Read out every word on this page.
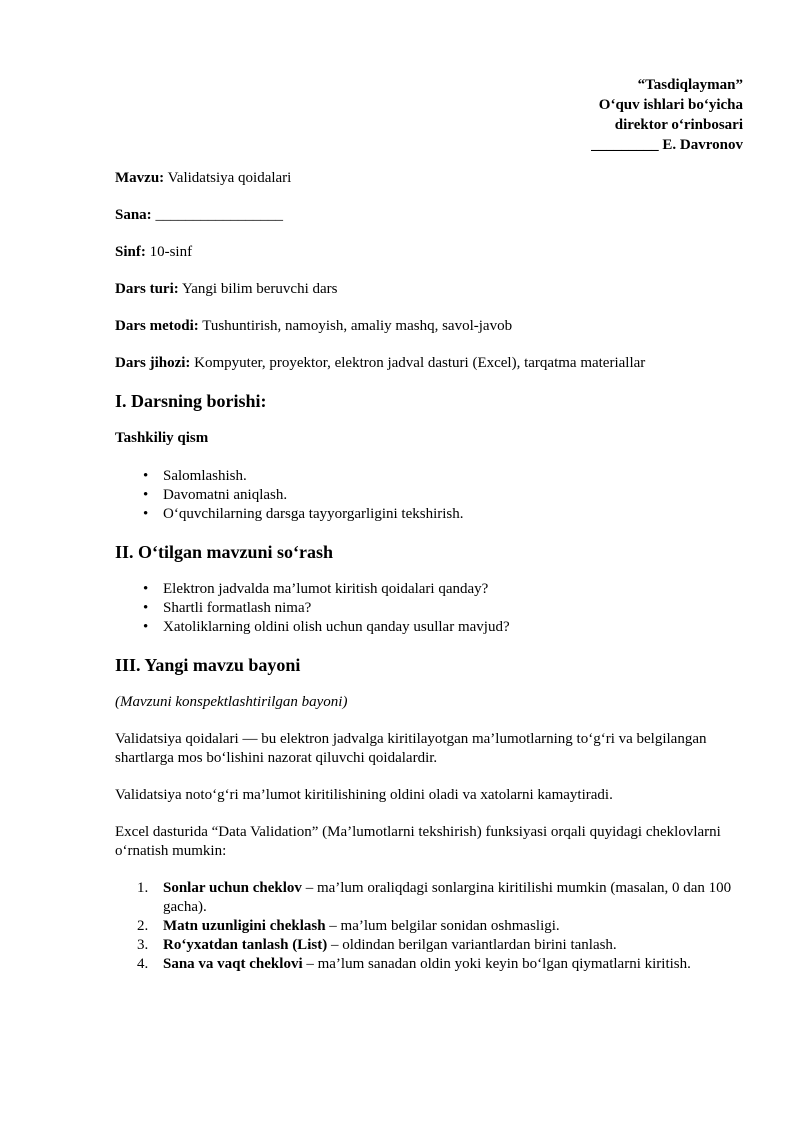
“Tasdiqlayman”
O‘quv ishlari bo‘yicha
direktor o‘rinbosari
_________ E. Davronov
Mavzu: Validatsiya qoidalari
Sana: _________________
Sinf: 10-sinf
Dars turi: Yangi bilim beruvchi dars
Dars metodi: Tushuntirish, namoyish, amaliy mashq, savol-javob
Dars jihozi: Kompyuter, proyektor, elektron jadval dasturi (Excel), tarqatma materiallar
I. Darsning borishi:
Tashkiliy qism
• Salomlashish.
• Davomatni aniqlash.
• O‘quvchilarning darsga tayyorgarligini tekshirish.
II. O‘tilgan mavzuni so‘rash
• Elektron jadvalda ma’lumot kiritish qoidalari qanday?
• Shartli formatlash nima?
• Xatoliklarning oldini olish uchun qanday usullar mavjud?
III. Yangi mavzu bayoni

(Mavzuni konspektlashtirilgan bayoni)

Validatsiya qoidalari — bu elektron jadvalga kiritilayotgan ma’lumotlarning to‘g‘ri va belgilangan shartlarga mos bo‘lishini nazorat qiluvchi qoidalardir.

Validatsiya noto‘g‘ri ma’lumot kiritilishining oldini oladi va xatolarni kamaytiradi.

Excel dasturida “Data Validation” (Ma’lumotlarni tekshirish) funksiyasi orqali quyidagi cheklovlarni o‘rnatish mumkin:

1. Sonlar uchun cheklov – ma’lum oraliqdagi sonlargina kiritilishi mumkin (masalan, 0 dan 100 gacha).
2. Matn uzunligini cheklash – ma’lum belgilar sonidan oshmasligi.
3. Ro‘yxatdan tanlash (List) – oldindan berilgan variantlardan birini tanlash.
4. Sana va vaqt cheklovi – ma’lum sanadan oldin yoki keyin bo‘lgan qiymatlarni kiritish.
